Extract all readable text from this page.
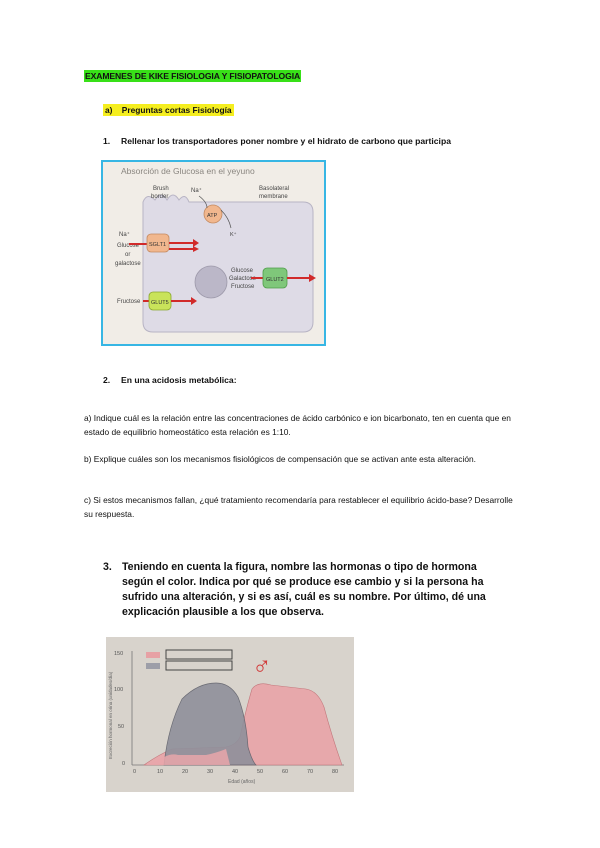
EXAMENES DE KIKE FISIOLOGIA Y FISIOPATOLOGIA
a)    Preguntas cortas Fisiología
1. Rellenar los transportadores poner nombre y el hidrato de carbono que participa
Absorción de Glucosa en el yeyuno
Brush
border
Na⁺	Basolateral
membrane
ATP
K⁺
Na⁺
Glucose
or
galactose
SGLT1
Fructose GLUT5
Glucose
Galactose
Fructose
GLUT2
2. En una acidosis metabólica:
a) Indique cuál es la relación entre las concentraciones de ácido carbónico e ion bicarbonato, ten en cuenta que en estado de equilibrio homeostático esta relación es 1:10.
b) Explique cuáles son los mecanismos fisiológicos de compensación que se activan ante esta alteración.
c) Si estos mecanismos fallan, ¿qué tratamiento recomendaría para restablecer el equilibrio ácido-base? Desarrolle su respuesta.
3. Teniendo en cuenta la figura, nombre las hormonas o tipo de hormona según el color. Indica por qué se produce ese cambio y si la persona ha sufrido una alteración, y si es así, cuál es su nombre. Por último, dé una explicación plausible a los que observa.
150
100
50
0
Excreción hormonal en orina (unidades/día)
0	10	20	30	40	50	60	70	80
Edad (años)
♂
